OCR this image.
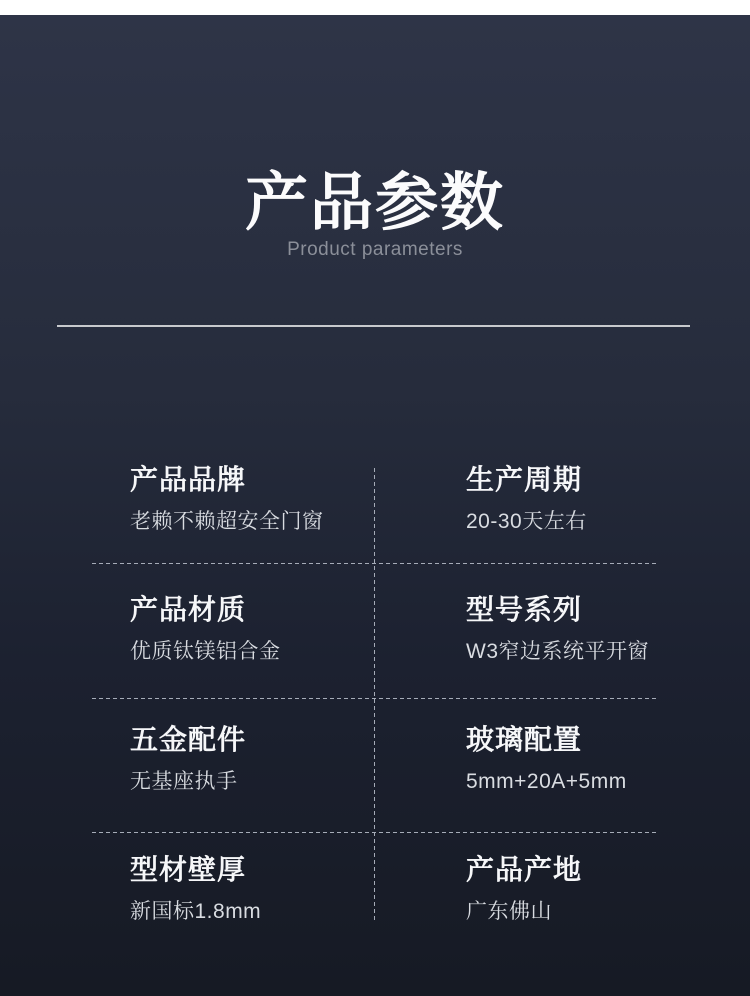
产品参数
Product parameters
产品品牌
老赖不赖超安全门窗
生产周期
20-30天左右
产品材质
优质钛镁铝合金
型号系列
W3窄边系统平开窗
五金配件
无基座执手
玻璃配置
5mm+20A+5mm
型材壁厚
新国标1.8mm
产品产地
广东佛山
